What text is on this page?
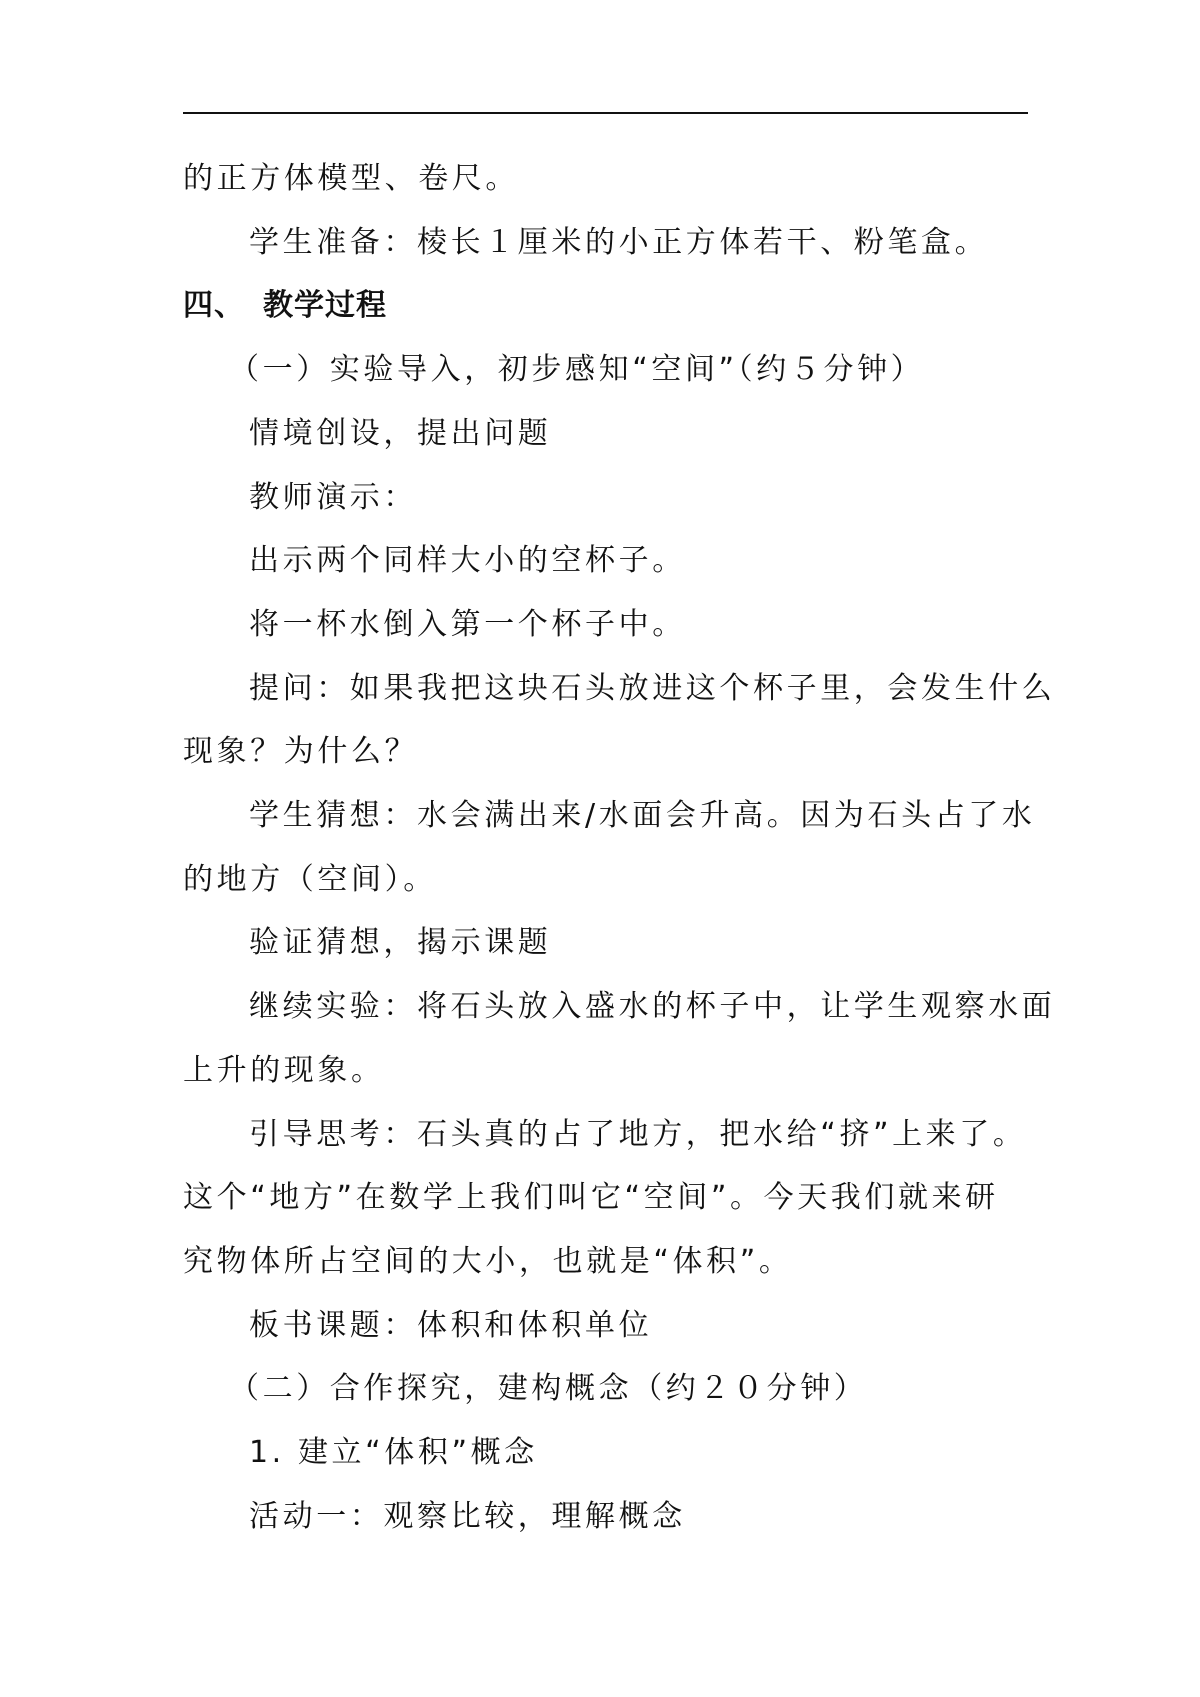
的正方体模型、卷尺。

学生准备：棱长１厘米的小正方体若干、粉笔盒。

四、 教学过程

（一）实验导入，初步感知“空间”（约５分钟）

情境创设，提出问题

教师演示：

出示两个同样大小的空杯子。

将一杯水倒入第一个杯子中。

提问：如果我把这块石头放进这个杯子里，会发生什么

现象？为什么？

学生猜想：水会满出来/水面会升高。因为石头占了水

的地方（空间）。

验证猜想，揭示课题

继续实验：将石头放入盛水的杯子中，让学生观察水面

上升的现象。

引导思考：石头真的占了地方，把水给“挤”上来了。

这个“地方”在数学上我们叫它“空间”。今天我们就来研

究物体所占空间的大小，也就是“体积”。

板书课题：体积和体积单位

（二）合作探究，建构概念（约２０分钟）

1. 建立“体积”概念

活动一：观察比较，理解概念
